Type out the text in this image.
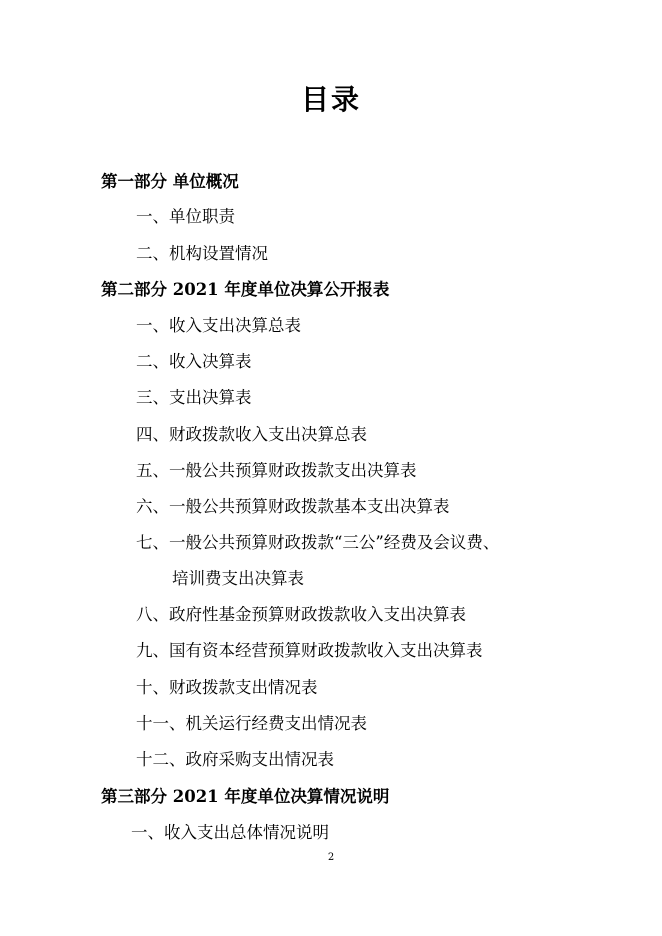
目录
第一部分 单位概况
一、单位职责
二、机构设置情况
第二部分 2021 年度单位决算公开报表
一、收入支出决算总表
二、收入决算表
三、支出决算表
四、财政拨款收入支出决算总表
五、一般公共预算财政拨款支出决算表
六、一般公共预算财政拨款基本支出决算表
七、一般公共预算财政拨款“三公”经费及会议费、
培训费支出决算表
八、政府性基金预算财政拨款收入支出决算表
九、国有资本经营预算财政拨款收入支出决算表
十、财政拨款支出情况表
十一、机关运行经费支出情况表
十二、政府采购支出情况表
第三部分 2021 年度单位决算情况说明
一、收入支出总体情况说明
2
